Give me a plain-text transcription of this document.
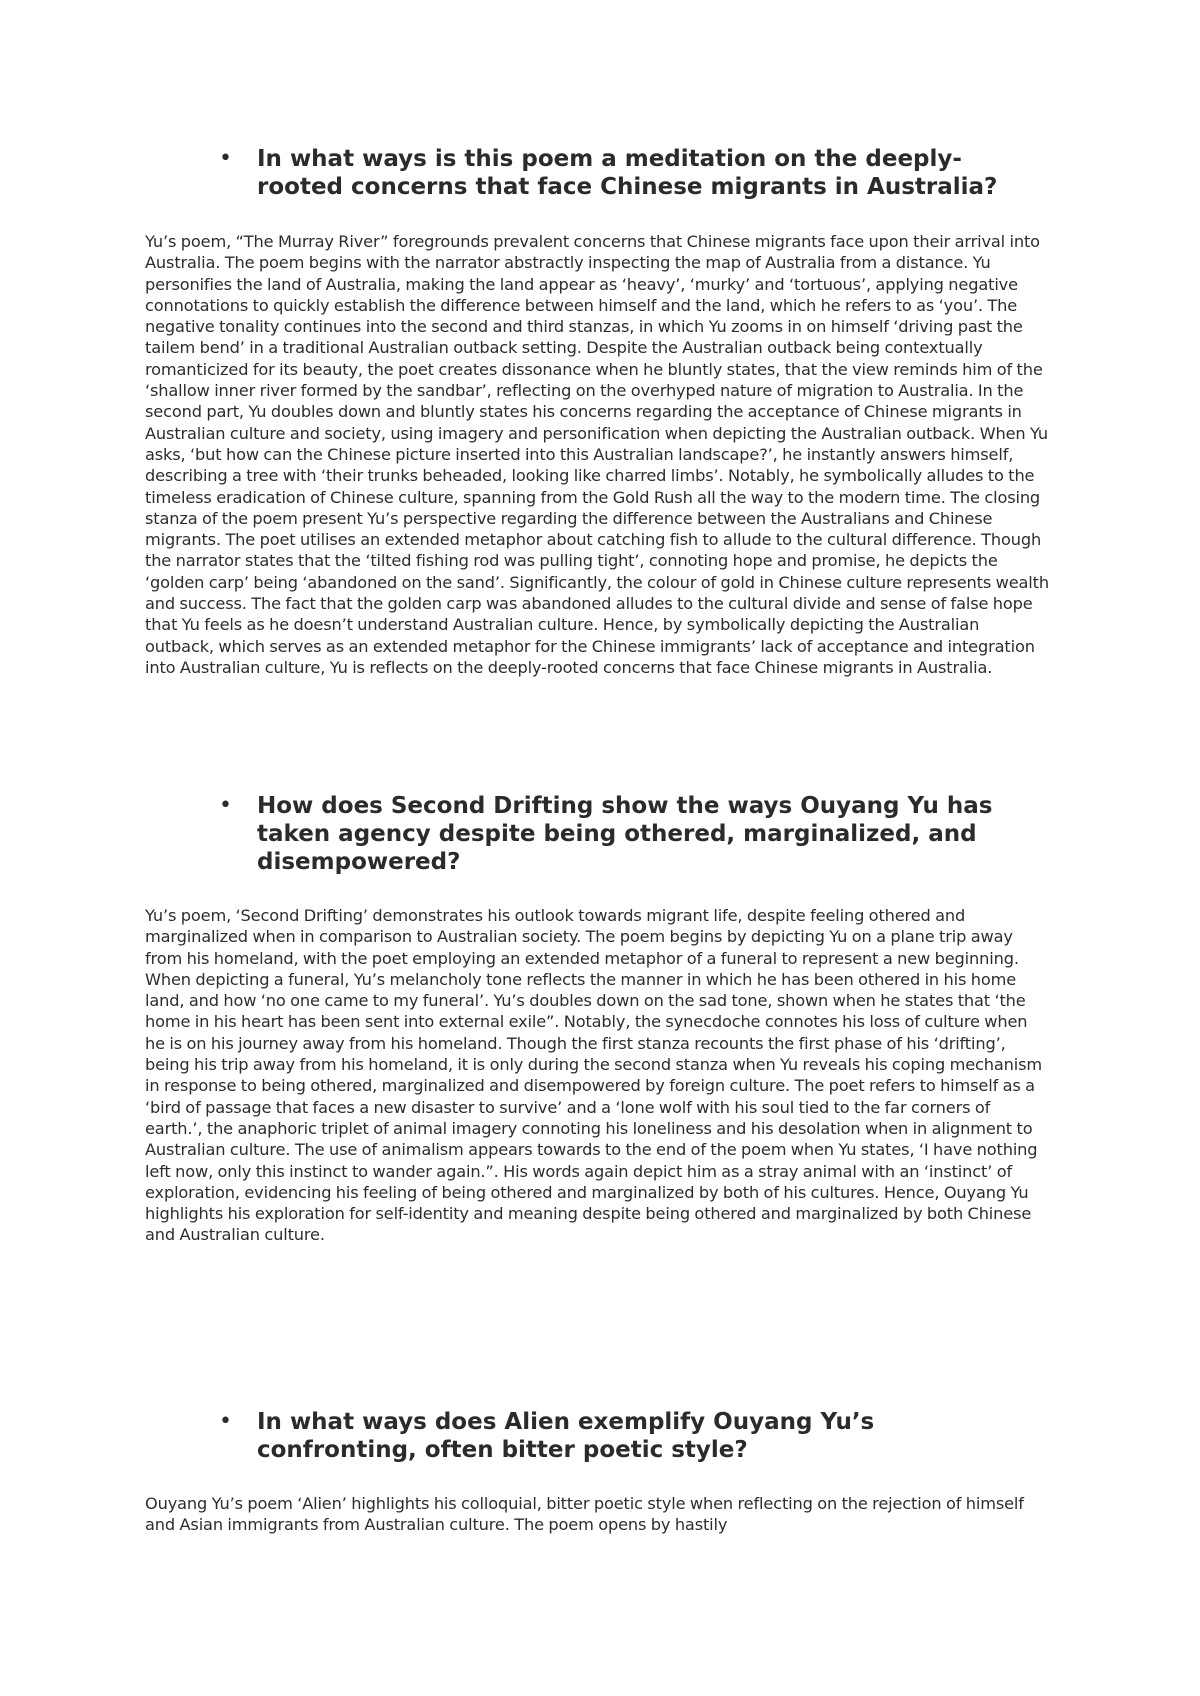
• In what ways is this poem a meditation on the deeply-rooted concerns that face Chinese migrants in Australia?

Yu’s poem, “The Murray River” foregrounds prevalent concerns that Chinese migrants face upon their arrival into Australia. The poem begins with the narrator abstractly inspecting the map of Australia from a distance. Yu personifies the land of Australia, making the land appear as ‘heavy’, ‘murky’ and ‘tortuous’, applying negative connotations to quickly establish the difference between himself and the land, which he refers to as ‘you’. The negative tonality continues into the second and third stanzas, in which Yu zooms in on himself ‘driving past the tailem bend’ in a traditional Australian outback setting. Despite the Australian outback being contextually romanticized for its beauty, the poet creates dissonance when he bluntly states, that the view reminds him of the ‘shallow inner river formed by the sandbar’, reflecting on the overhyped nature of migration to Australia. In the second part, Yu doubles down and bluntly states his concerns regarding the acceptance of Chinese migrants in Australian culture and society, using imagery and personification when depicting the Australian outback. When Yu asks, ‘but how can the Chinese picture inserted into this Australian landscape?’, he instantly answers himself, describing a tree with ‘their trunks beheaded, looking like charred limbs’. Notably, he symbolically alludes to the timeless eradication of Chinese culture, spanning from the Gold Rush all the way to the modern time. The closing stanza of the poem present Yu’s perspective regarding the difference between the Australians and Chinese migrants. The poet utilises an extended metaphor about catching fish to allude to the cultural difference. Though the narrator states that the ‘tilted fishing rod was pulling tight’, connoting hope and promise, he depicts the ‘golden carp’ being ‘abandoned on the sand’. Significantly, the colour of gold in Chinese culture represents wealth and success. The fact that the golden carp was abandoned alludes to the cultural divide and sense of false hope that Yu feels as he doesn’t understand Australian culture. Hence, by symbolically depicting the Australian outback, which serves as an extended metaphor for the Chinese immigrants’ lack of acceptance and integration into Australian culture, Yu is reflects on the deeply-rooted concerns that face Chinese migrants in Australia.

• How does Second Drifting show the ways Ouyang Yu has taken agency despite being othered, marginalized, and disempowered?

Yu’s poem, ‘Second Drifting’ demonstrates his outlook towards migrant life, despite feeling othered and marginalized when in comparison to Australian society. The poem begins by depicting Yu on a plane trip away from his homeland, with the poet employing an extended metaphor of a funeral to represent a new beginning. When depicting a funeral, Yu’s melancholy tone reflects the manner in which he has been othered in his home land, and how ‘no one came to my funeral’. Yu’s doubles down on the sad tone, shown when he states that ‘the home in his heart has been sent into external exile”. Notably, the synecdoche connotes his loss of culture when he is on his journey away from his homeland. Though the first stanza recounts the first phase of his ‘drifting’, being his trip away from his homeland, it is only during the second stanza when Yu reveals his coping mechanism in response to being othered, marginalized and disempowered by foreign culture. The poet refers to himself as a ‘bird of passage that faces a new disaster to survive’ and a ‘lone wolf with his soul tied to the far corners of earth.’, the anaphoric triplet of animal imagery connoting his loneliness and his desolation when in alignment to Australian culture. The use of animalism appears towards to the end of the poem when Yu states, ‘I have nothing left now, only this instinct to wander again.”. His words again depict him as a stray animal with an ‘instinct’ of exploration, evidencing his feeling of being othered and marginalized by both of his cultures. Hence, Ouyang Yu highlights his exploration for self-identity and meaning despite being othered and marginalized by both Chinese and Australian culture.

• In what ways does Alien exemplify Ouyang Yu’s confronting, often bitter poetic style?

Ouyang Yu’s poem ‘Alien’ highlights his colloquial, bitter poetic style when reflecting on the rejection of himself and Asian immigrants from Australian culture. The poem opens by hastily
